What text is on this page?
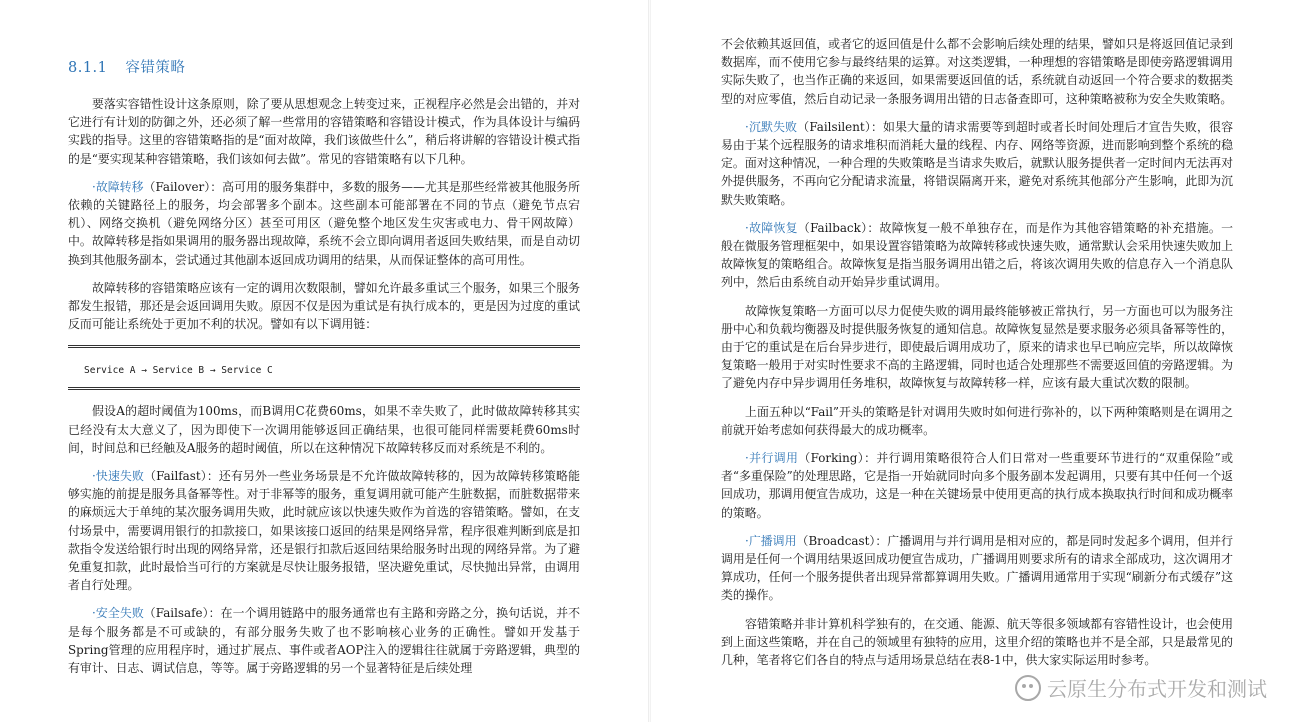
8.1.1 容错策略

要落实容错性设计这条原则，除了要从思想观念上转变过来，正视程序必然是会出错的，并对它进行有计划的防御之外，还必须了解一些常用的容错策略和容错设计模式，作为具体设计与编码实践的指导。这里的容错策略指的是“面对故障，我们该做些什么”，稍后将讲解的容错设计模式指的是“要实现某种容错策略，我们该如何去做”。常见的容错策略有以下几种。

·故障转移（Failover）：高可用的服务集群中，多数的服务——尤其是那些经常被其他服务所依赖的关键路径上的服务，均会部署多个副本。这些副本可能部署在不同的节点（避免节点宕机）、网络交换机（避免网络分区）甚至可用区（避免整个地区发生灾害或电力、骨干网故障）中。故障转移是指如果调用的服务器出现故障，系统不会立即向调用者返回失败结果，而是自动切换到其他服务副本，尝试通过其他副本返回成功调用的结果，从而保证整体的高可用性。

故障转移的容错策略应该有一定的调用次数限制，譬如允许最多重试三个服务，如果三个服务都发生报错，那还是会返回调用失败。原因不仅是因为重试是有执行成本的，更是因为过度的重试反而可能让系统处于更加不利的状况。譬如有以下调用链：

Service A → Service B → Service C

假设A的超时阈值为100ms，而B调用C花费60ms，如果不幸失败了，此时做故障转移其实已经没有太大意义了，因为即使下一次调用能够返回正确结果，也很可能同样需要耗费60ms时间，时间总和已经触及A服务的超时阈值，所以在这种情况下故障转移反而对系统是不利的。

·快速失败（Failfast）：还有另外一些业务场景是不允许做故障转移的，因为故障转移策略能够实施的前提是服务具备幂等性。对于非幂等的服务，重复调用就可能产生脏数据，而脏数据带来的麻烦远大于单纯的某次服务调用失败，此时就应该以快速失败作为首选的容错策略。譬如，在支付场景中，需要调用银行的扣款接口，如果该接口返回的结果是网络异常，程序很难判断到底是扣款指令发送给银行时出现的网络异常，还是银行扣款后返回结果给服务时出现的网络异常。为了避免重复扣款，此时最恰当可行的方案就是尽快让服务报错，坚决避免重试，尽快抛出异常，由调用者自行处理。

·安全失败（Failsafe）：在一个调用链路中的服务通常也有主路和旁路之分，换句话说，并不是每个服务都是不可或缺的，有部分服务失败了也不影响核心业务的正确性。譬如开发基于Spring管理的应用程序时，通过扩展点、事件或者AOP注入的逻辑往往就属于旁路逻辑，典型的有审计、日志、调试信息，等等。属于旁路逻辑的另一个显著特征是后续处理

不会依赖其返回值，或者它的返回值是什么都不会影响后续处理的结果，譬如只是将返回值记录到数据库，而不使用它参与最终结果的运算。对这类逻辑，一种理想的容错策略是即使旁路逻辑调用实际失败了，也当作正确的来返回，如果需要返回值的话，系统就自动返回一个符合要求的数据类型的对应零值，然后自动记录一条服务调用出错的日志备查即可，这种策略被称为安全失败策略。

·沉默失败（Failsilent）：如果大量的请求需要等到超时或者长时间处理后才宣告失败，很容易由于某个远程服务的请求堆积而消耗大量的线程、内存、网络等资源，进而影响到整个系统的稳定。面对这种情况，一种合理的失败策略是当请求失败后，就默认服务提供者一定时间内无法再对外提供服务，不再向它分配请求流量，将错误隔离开来，避免对系统其他部分产生影响，此即为沉默失败策略。

·故障恢复（Failback）：故障恢复一般不单独存在，而是作为其他容错策略的补充措施。一般在微服务管理框架中，如果设置容错策略为故障转移或快速失败，通常默认会采用快速失败加上故障恢复的策略组合。故障恢复是指当服务调用出错之后，将该次调用失败的信息存入一个消息队列中，然后由系统自动开始异步重试调用。

故障恢复策略一方面可以尽力促使失败的调用最终能够被正常执行，另一方面也可以为服务注册中心和负载均衡器及时提供服务恢复的通知信息。故障恢复显然是要求服务必须具备幂等性的，由于它的重试是在后台异步进行，即使最后调用成功了，原来的请求也早已响应完毕，所以故障恢复策略一般用于对实时性要求不高的主路逻辑，同时也适合处理那些不需要返回值的旁路逻辑。为了避免内存中异步调用任务堆积，故障恢复与故障转移一样，应该有最大重试次数的限制。

上面五种以“Fail”开头的策略是针对调用失败时如何进行弥补的，以下两种策略则是在调用之前就开始考虑如何获得最大的成功概率。

·并行调用（Forking）：并行调用策略很符合人们日常对一些重要环节进行的“双重保险”或者“多重保险”的处理思路，它是指一开始就同时向多个服务副本发起调用，只要有其中任何一个返回成功，那调用便宣告成功，这是一种在关键场景中使用更高的执行成本换取执行时间和成功概率的策略。

·广播调用（Broadcast）：广播调用与并行调用是相对应的，都是同时发起多个调用，但并行调用是任何一个调用结果返回成功便宣告成功，广播调用则要求所有的请求全部成功，这次调用才算成功，任何一个服务提供者出现异常都算调用失败。广播调用通常用于实现“刷新分布式缓存”这类的操作。

容错策略并非计算机科学独有的，在交通、能源、航天等很多领域都有容错性设计，也会使用到上面这些策略，并在自己的领域里有独特的应用，这里介绍的策略也并不是全部，只是最常见的几种，笔者将它们各自的特点与适用场景总结在表8-1中，供大家实际运用时参考。

云原生分布式开发和测试
